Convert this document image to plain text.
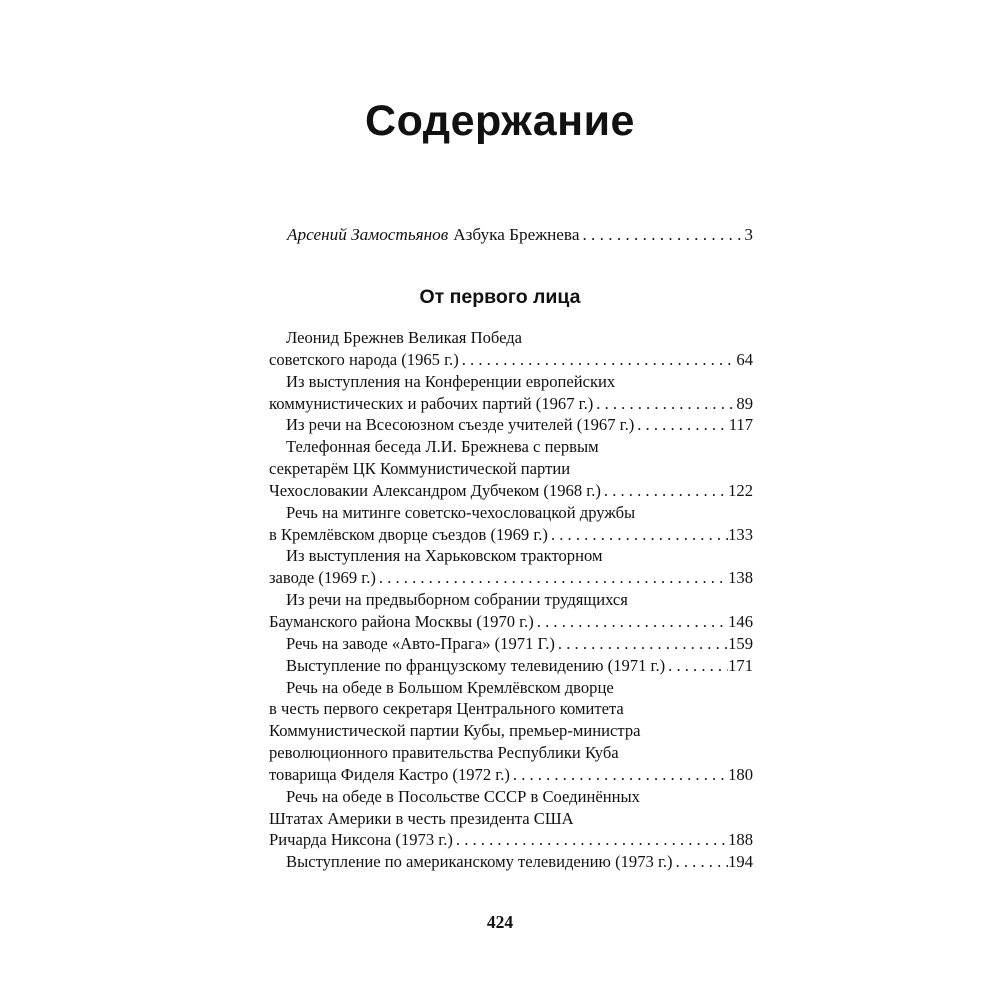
Содержание
Арсений Замостьянов Азбука Брежнева . . .	3
От первого лица
Леонид Брежнев Великая Победа
советского народа (1965 г.) . . .	64
Из выступления на Конференции европейских
коммунистических и рабочих партий (1967 г.) . . .	89
Из речи на Всесоюзном съезде учителей (1967 г.) . . .	117
Телефонная беседа Л.И. Брежнева с первым
секретарём ЦК Коммунистической партии
Чехословакии Александром Дубчеком (1968 г.) . . .	122
Речь на митинге советско-чехословацкой дружбы
в Кремлёвском дворце съездов (1969 г.) . . .	133
Из выступления на Харьковском тракторном
заводе (1969 г.) . . .	138
Из речи на предвыборном собрании трудящихся
Бауманского района Москвы (1970 г.) . . .	146
Речь на заводе «Авто-Прага» (1971 Г.) . . .	159
Выступление по французскому телевидению (1971 г.) . . .	171
Речь на обеде в Большом Кремлёвском дворце
в честь первого секретаря Центрального комитета
Коммунистической партии Кубы, премьер-министра
революционного правительства Республики Куба
товарища Фиделя Кастро (1972 г.) . . .	180
Речь на обеде в Посольстве СССР в Соединённых
Штатах Америки в честь президента США
Ричарда Никсона (1973 г.) . . .	188
Выступление по американскому телевидению (1973 г.) . . .	194
424
